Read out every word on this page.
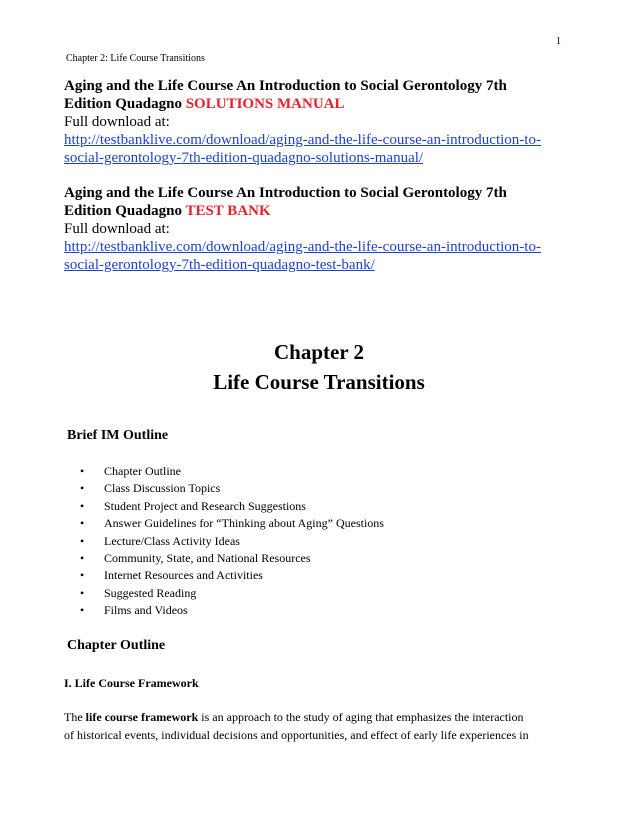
1
Chapter 2: Life Course Transitions
Aging and the Life Course An Introduction to Social Gerontology 7th
Edition Quadagno SOLUTIONS MANUAL
Full download at:
http://testbanklive.com/download/aging-and-the-life-course-an-introduction-to-
social-gerontology-7th-edition-quadagno-solutions-manual/
Aging and the Life Course An Introduction to Social Gerontology 7th
Edition Quadagno TEST BANK
Full download at:
http://testbanklive.com/download/aging-and-the-life-course-an-introduction-to-
social-gerontology-7th-edition-quadagno-test-bank/
Chapter 2
Life Course Transitions
Brief IM Outline
• Chapter Outline
• Class Discussion Topics
• Student Project and Research Suggestions
• Answer Guidelines for “Thinking about Aging” Questions
• Lecture/Class Activity Ideas
• Community, State, and National Resources
• Internet Resources and Activities
• Suggested Reading
• Films and Videos
Chapter Outline
I. Life Course Framework
The life course framework is an approach to the study of aging that emphasizes the interaction
of historical events, individual decisions and opportunities, and effect of early life experiences in
